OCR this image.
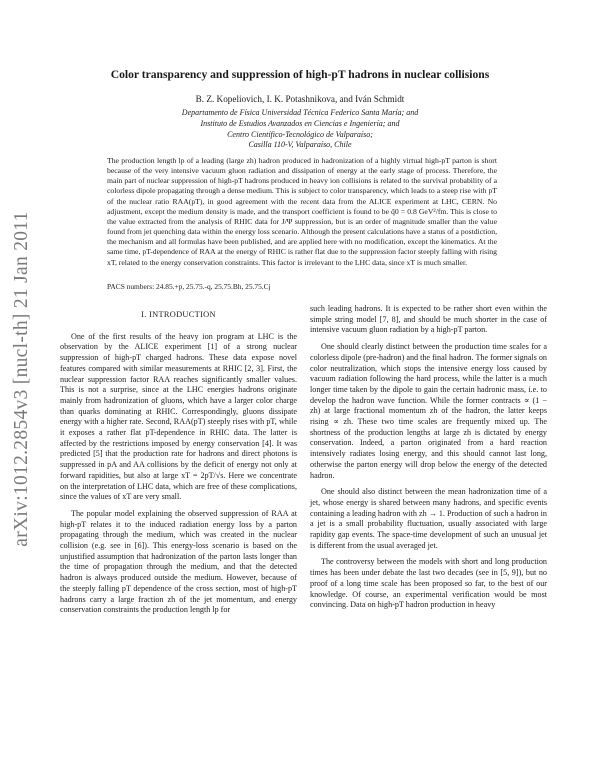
arXiv:1012.2854v3 [nucl-th] 21 Jan 2011
Color transparency and suppression of high-pT hadrons in nuclear collisions
B. Z. Kopeliovich, I. K. Potashnikova, and Iván Schmidt
Departamento de Física Universidad Técnica Federico Santa María; and
Instituto de Estudios Avanzados en Ciencias e Ingeniería; and
Centro Científico-Tecnológico de Valparaíso;
Casilla 110-V, Valparaíso, Chile

The production length lp of a leading (large zh) hadron produced in hadronization of a highly virtual high-pT parton is short because of the very intensive vacuum gluon radiation and dissipation of energy at the early stage of process. Therefore, the main part of nuclear suppression of high-pT hadrons produced in heavy ion collisions is related to the survival probability of a colorless dipole propagating through a dense medium. This is subject to color transparency, which leads to a steep rise with pT of the nuclear ratio RAA(pT), in good agreement with the recent data from the ALICE experiment at LHC, CERN. No adjustment, except the medium density is made, and the transport coefficient is found to be q̂0 = 0.8 GeV²/fm. This is close to the value extracted from the analysis of RHIC data for J/Ψ suppression, but is an order of magnitude smaller than the value found from jet quenching data within the energy loss scenario. Although the present calculations have a status of a postdiction, the mechanism and all formulas have been published, and are applied here with no modification, except the kinematics. At the same time, pT-dependence of RAA at the energy of RHIC is rather flat due to the suppression factor steeply falling with rising xT, related to the energy conservation constraints. This factor is irrelevant to the LHC data, since xT is much smaller.

PACS numbers: 24.85.+p, 25.75.-q, 25.75.Bh, 25.75.Cj
I. INTRODUCTION

One of the first results of the heavy ion program at LHC is the observation by the ALICE experiment [1] of a strong nuclear suppression of high-pT charged hadrons. These data expose novel features compared with similar measurements at RHIC [2, 3]. First, the nuclear suppression factor RAA reaches significantly smaller values. This is not a surprise, since at the LHC energies hadrons originate mainly from hadronization of gluons, which have a larger color charge than quarks dominating at RHIC. Correspondingly, gluons dissipate energy with a higher rate. Second, RAA(pT) steeply rises with pT, while it exposes a rather flat pT-dependence in RHIC data. The latter is affected by the restrictions imposed by energy conservation [4]. It was predicted [5] that the production rate for hadrons and direct photons is suppressed in pA and AA collisions by the deficit of energy not only at forward rapidities, but also at large xT = 2pT/√s. Here we concentrate on the interpretation of LHC data, which are free of these complications, since the values of xT are very small.

The popular model explaining the observed suppression of RAA at high-pT relates it to the induced radiation energy loss by a parton propagating through the medium, which was created in the nuclear collision (e.g. see in [6]). This energy-loss scenario is based on the unjustified assumption that hadronization of the parton lasts longer than the time of propagation through the medium, and that the detected hadron is always produced outside the medium. However, because of the steeply falling pT dependence of the cross section, most of high-pT hadrons carry a large fraction zh of the jet momentum, and energy conservation constraints the production length lp for

such leading hadrons. It is expected to be rather short even within the simple string model [7, 8], and should be much shorter in the case of intensive vacuum gluon radiation by a high-pT parton.

One should clearly distinct between the production time scales for a colorless dipole (pre-hadron) and the final hadron. The former signals on color neutralization, which stops the intensive energy loss caused by vacuum radiation following the hard process, while the latter is a much longer time taken by the dipole to gain the certain hadronic mass, i.e. to develop the hadron wave function. While the former contracts ∝ (1 − zh) at large fractional momentum zh of the hadron, the latter keeps rising ∝ zh. These two time scales are frequently mixed up. The shortness of the production lengths at large zh is dictated by energy conservation. Indeed, a parton originated from a hard reaction intensively radiates losing energy, and this should cannot last long, otherwise the parton energy will drop below the energy of the detected hadron.

One should also distinct between the mean hadronization time of a jet, whose energy is shared between many hadrons, and specific events containing a leading hadron with zh → 1. Production of such a hadron in a jet is a small probability fluctuation, usually associated with large rapidity gap events. The space-time development of such an unusual jet is different from the usual averaged jet.

The controversy between the models with short and long production times has been under debate the last two decades (see in [5, 9]), but no proof of a long time scale has been proposed so far, to the best of our knowledge. Of course, an experimental verification would be most convincing. Data on high-pT hadron production in heavy
